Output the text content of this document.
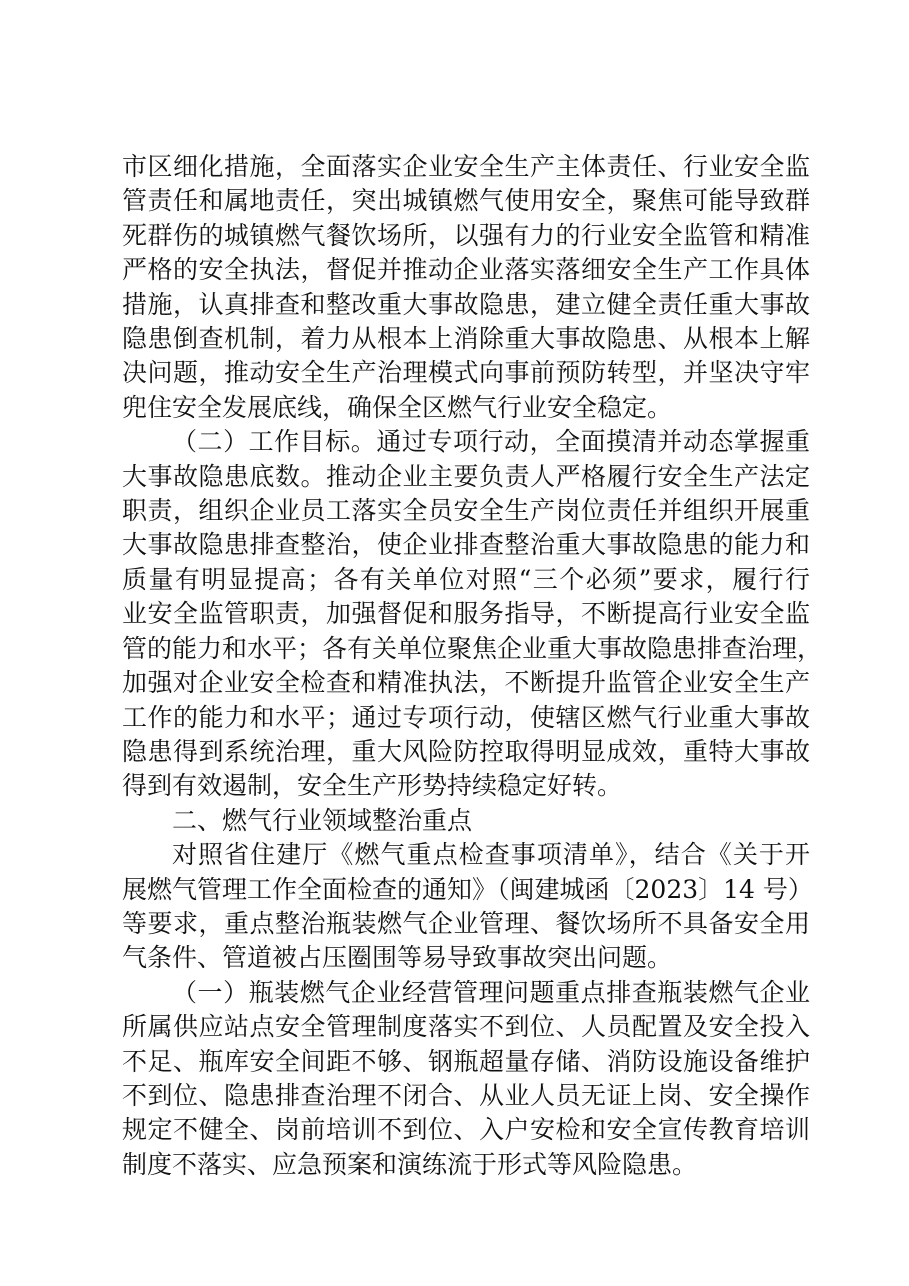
市区细化措施，全面落实企业安全生产主体责任、行业安全监
管责任和属地责任，突出城镇燃气使用安全，聚焦可能导致群
死群伤的城镇燃气餐饮场所，以强有力的行业安全监管和精准
严格的安全执法，督促并推动企业落实落细安全生产工作具体
措施，认真排查和整改重大事故隐患，建立健全责任重大事故
隐患倒查机制，着力从根本上消除重大事故隐患、从根本上解
决问题，推动安全生产治理模式向事前预防转型，并坚决守牢
兜住安全发展底线，确保全区燃气行业安全稳定。
（二）工作目标。通过专项行动，全面摸清并动态掌握重
大事故隐患底数。推动企业主要负责人严格履行安全生产法定
职责，组织企业员工落实全员安全生产岗位责任并组织开展重
大事故隐患排查整治，使企业排查整治重大事故隐患的能力和
质量有明显提高；各有关单位对照“三个必须”要求，履行行
业安全监管职责，加强督促和服务指导，不断提高行业安全监
管的能力和水平；各有关单位聚焦企业重大事故隐患排查治理，
加强对企业安全检查和精准执法，不断提升监管企业安全生产
工作的能力和水平；通过专项行动，使辖区燃气行业重大事故
隐患得到系统治理，重大风险防控取得明显成效，重特大事故
得到有效遏制，安全生产形势持续稳定好转。
二、燃气行业领域整治重点
对照省住建厅《燃气重点检查事项清单》，结合《关于开
展燃气管理工作全面检查的通知》（闽建城函〔2023〕14 号）
等要求，重点整治瓶装燃气企业管理、餐饮场所不具备安全用
气条件、管道被占压圈围等易导致事故突出问题。
（一）瓶装燃气企业经营管理问题重点排查瓶装燃气企业
所属供应站点安全管理制度落实不到位、人员配置及安全投入
不足、瓶库安全间距不够、钢瓶超量存储、消防设施设备维护
不到位、隐患排查治理不闭合、从业人员无证上岗、安全操作
规定不健全、岗前培训不到位、入户安检和安全宣传教育培训
制度不落实、应急预案和演练流于形式等风险隐患。
